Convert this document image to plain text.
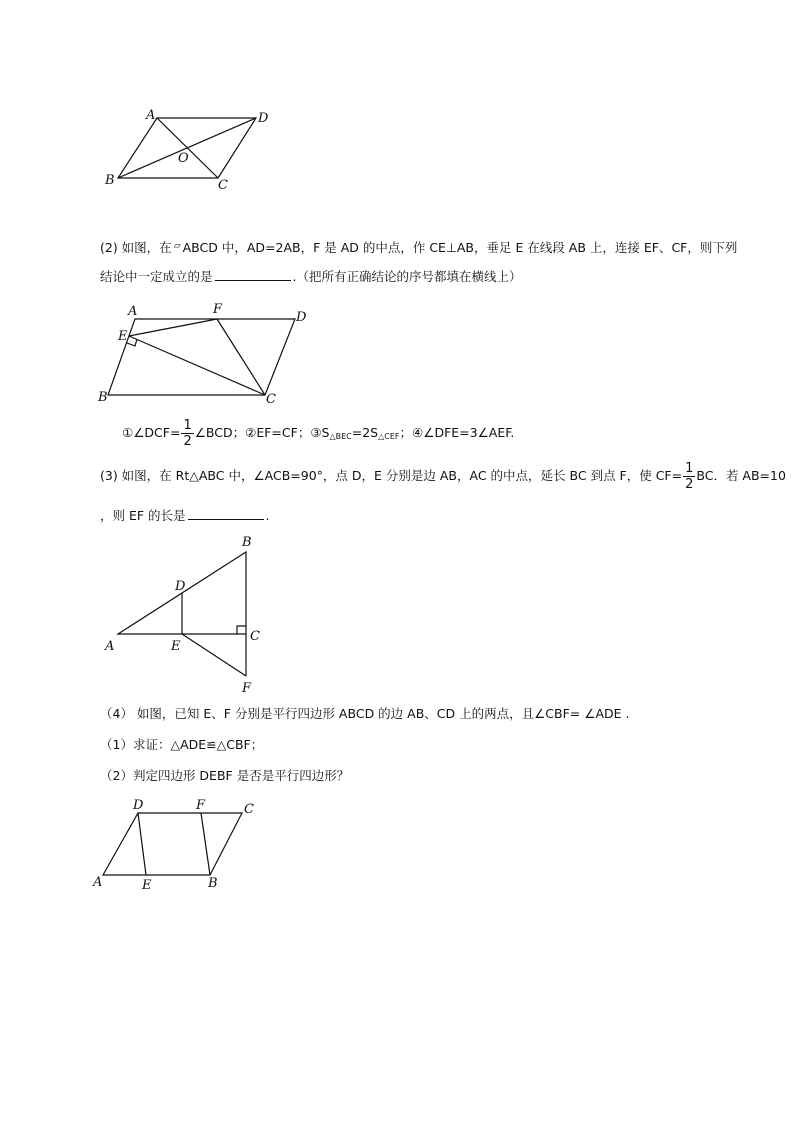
A	D
O
B	C
(2) 如图，在 ▱ ABCD 中，AD=2AB，F 是 AD 的中点，作 CE⊥AB，垂足 E 在线段 AB 上，连接 EF、CF，则下列
结论中一定成立的是	.（把所有正确结论的序号都填在横线上）
A	F
D
E
B	C
①∠DCF= $\frac{1}{2}$ ∠BCD；②EF=CF；$③S_{\triangle BEC}=2S_{\triangle CEF}$；④∠DFE=3∠AEF.
(3) 如图，在 Rt△ABC 中，∠ACB=90°，点 D，E 分别是边 AB，AC 的中点，延长 BC 到点 F，使 $CF= \frac{1}{2}$ BC．若 AB=10
，则 EF 的长是	.
B
D
C
A	E
F
（4） 如图，已知 E、F 分别是平行四边形 ABCD 的边 AB、CD 上的两点，且∠CBF= ∠ADE .
（1）求证：△ADE≌△CBF；
（2）判定四边形 DEBF 是否是平行四边形？
D	F	C
A	E	B
